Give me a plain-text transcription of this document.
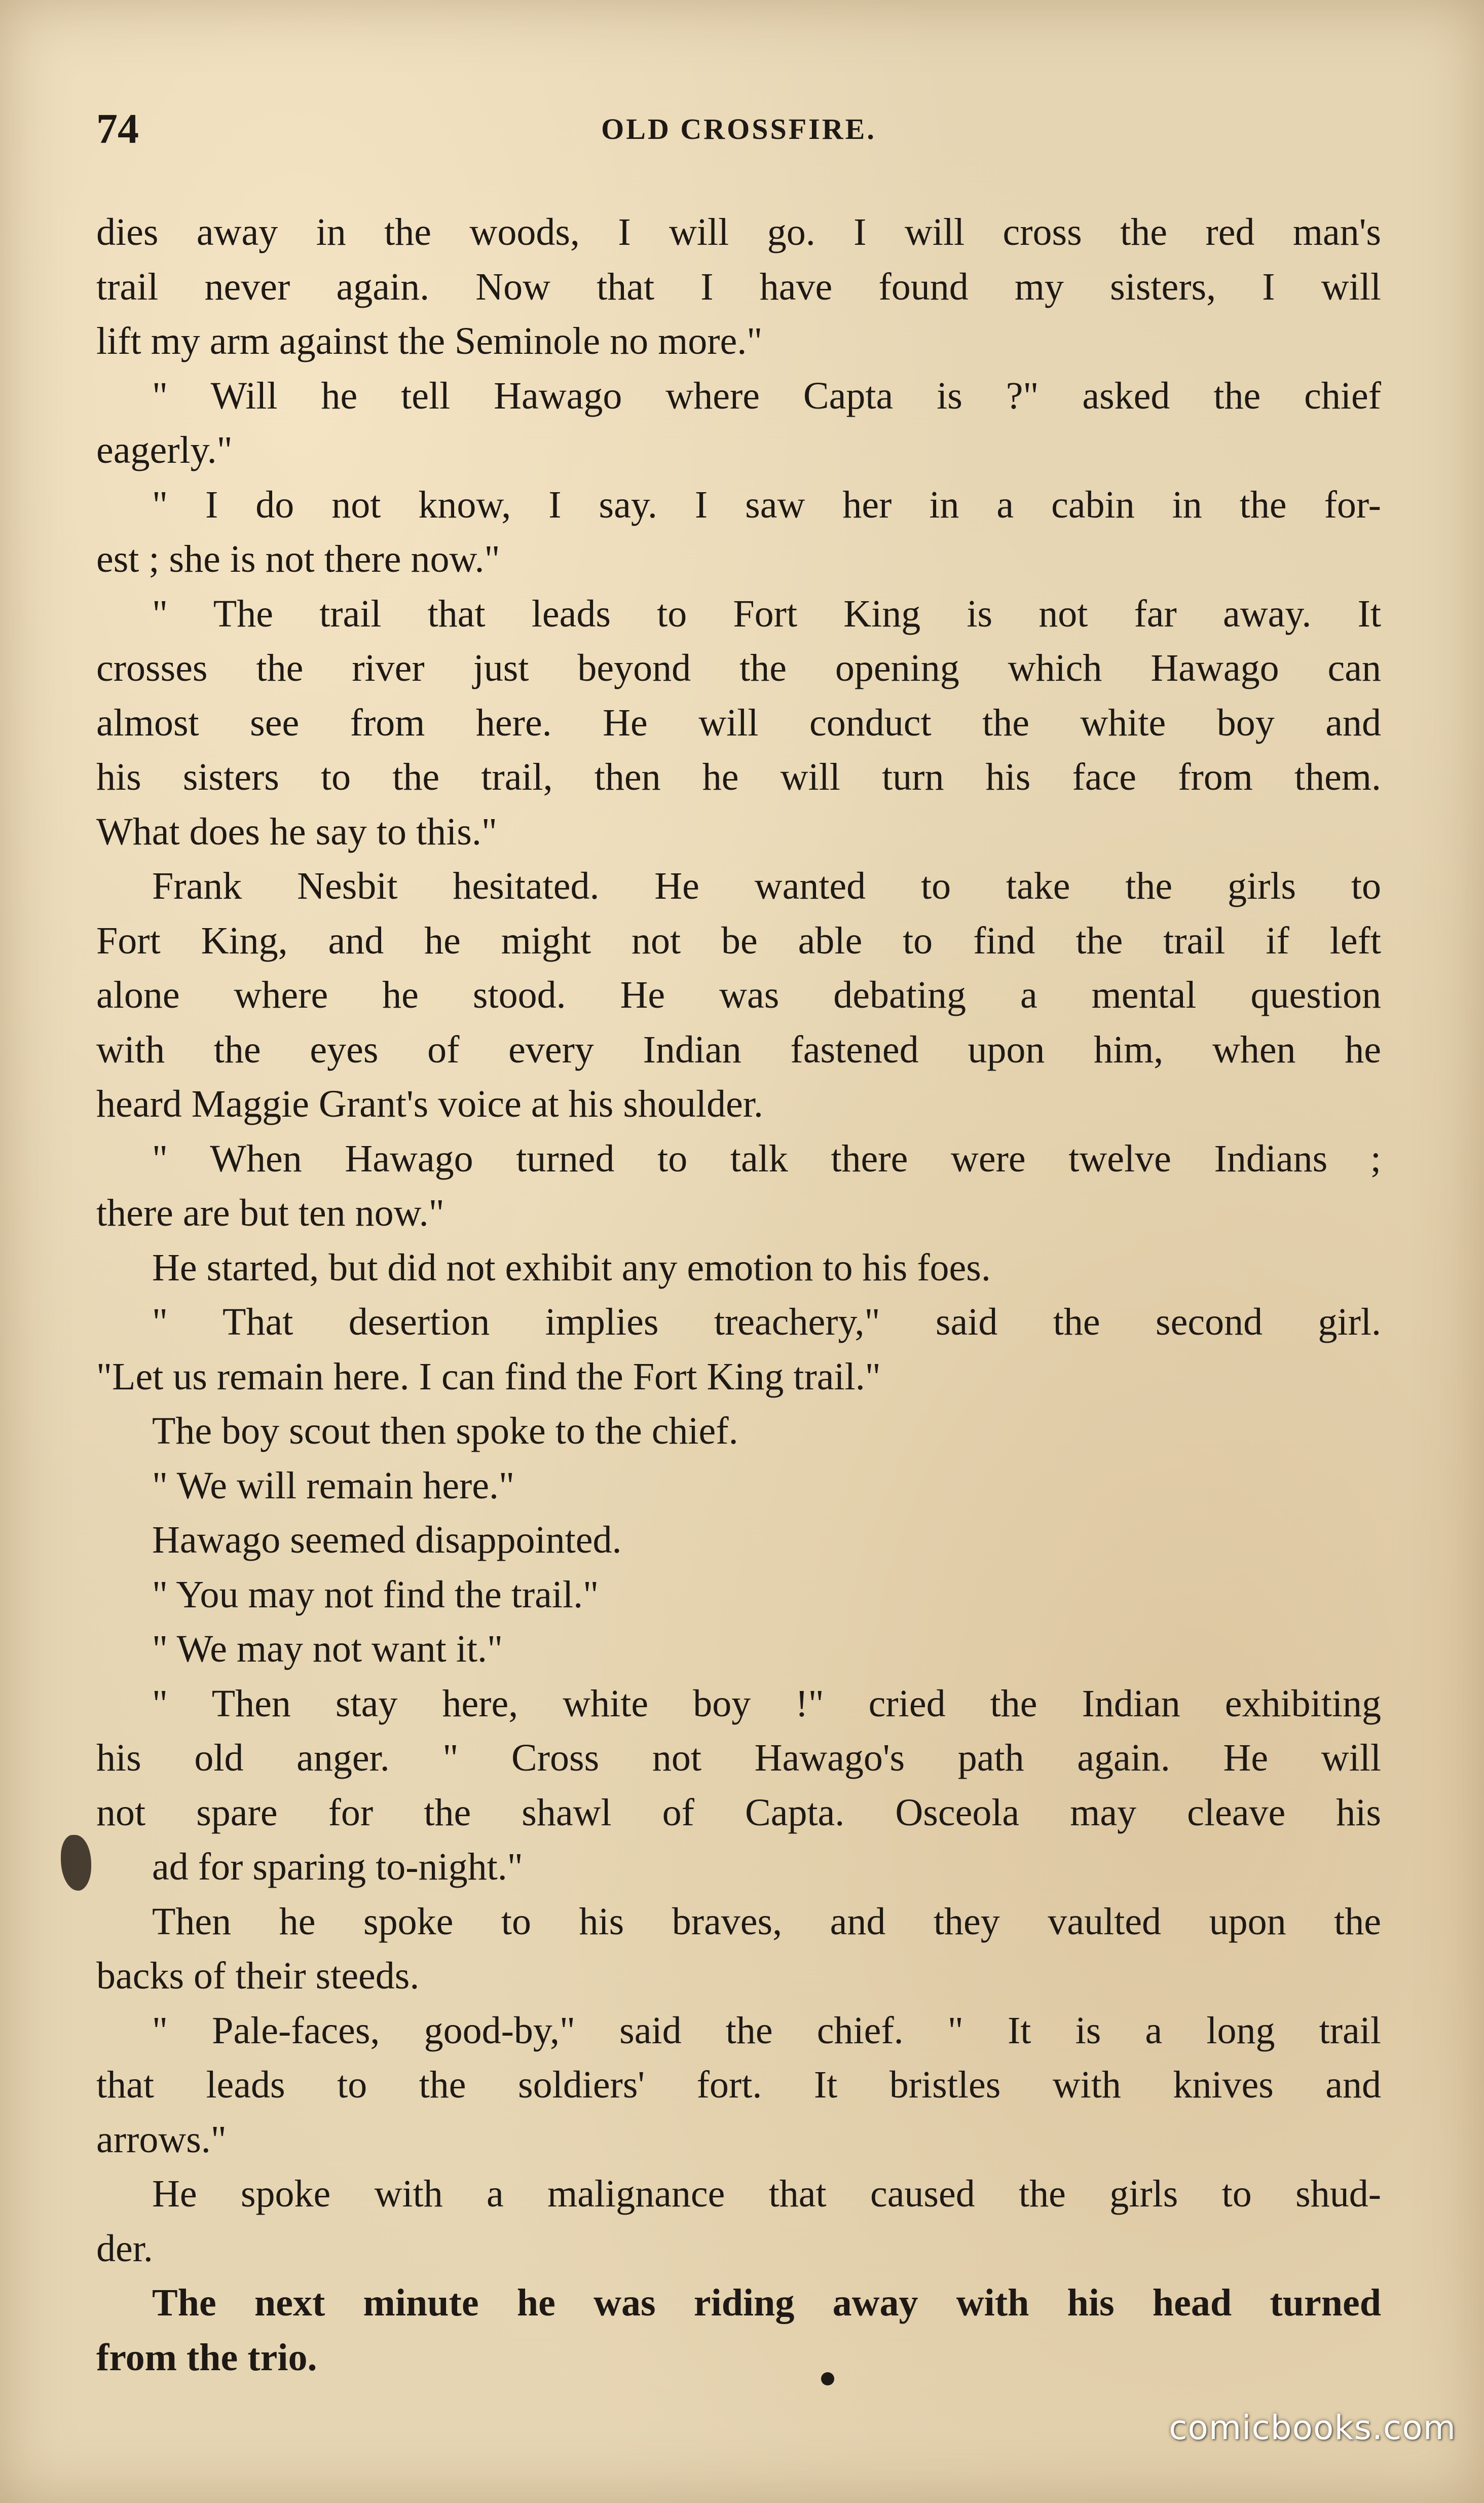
74	OLD CROSSFIRE.
dies away in the woods, I will go. I will cross the red man's
trail never again. Now that I have found my sisters, I will
lift my arm against the Seminole no more."
" Will he tell Hawago where Capta is ?" asked the chief
eagerly."
" I do not know, I say. I saw her in a cabin in the for-
est ; she is not there now."
" The trail that leads to Fort King is not far away. It
crosses the river just beyond the opening which Hawago can
almost see from here. He will conduct the white boy and
his sisters to the trail, then he will turn his face from them.
What does he say to this."
Frank Nesbit hesitated. He wanted to take the girls to
Fort King, and he might not be able to find the trail if left
alone where he stood. He was debating a mental question
with the eyes of every Indian fastened upon him, when he
heard Maggie Grant's voice at his shoulder.
" When Hawago turned to talk there were twelve Indians ;
there are but ten now."
He started, but did not exhibit any emotion to his foes.
" That desertion implies treachery," said the second girl.
"Let us remain here. I can find the Fort King trail."
The boy scout then spoke to the chief.
" We will remain here."
Hawago seemed disappointed.
" You may not find the trail."
" We may not want it."
" Then stay here, white boy !" cried the Indian exhibiting
his old anger. " Cross not Hawago's path again. He will
not spare for the shawl of Capta. Osceola may cleave his
ad for sparing to-night."
Then he spoke to his braves, and they vaulted upon the
backs of their steeds.
" Pale-faces, good-by," said the chief. " It is a long trail
that leads to the soldiers' fort. It bristles with knives and
arrows."
He spoke with a malignance that caused the girls to shud-
der.
The next minute he was riding away with his head turned
from the trio.
comicbooks.com
